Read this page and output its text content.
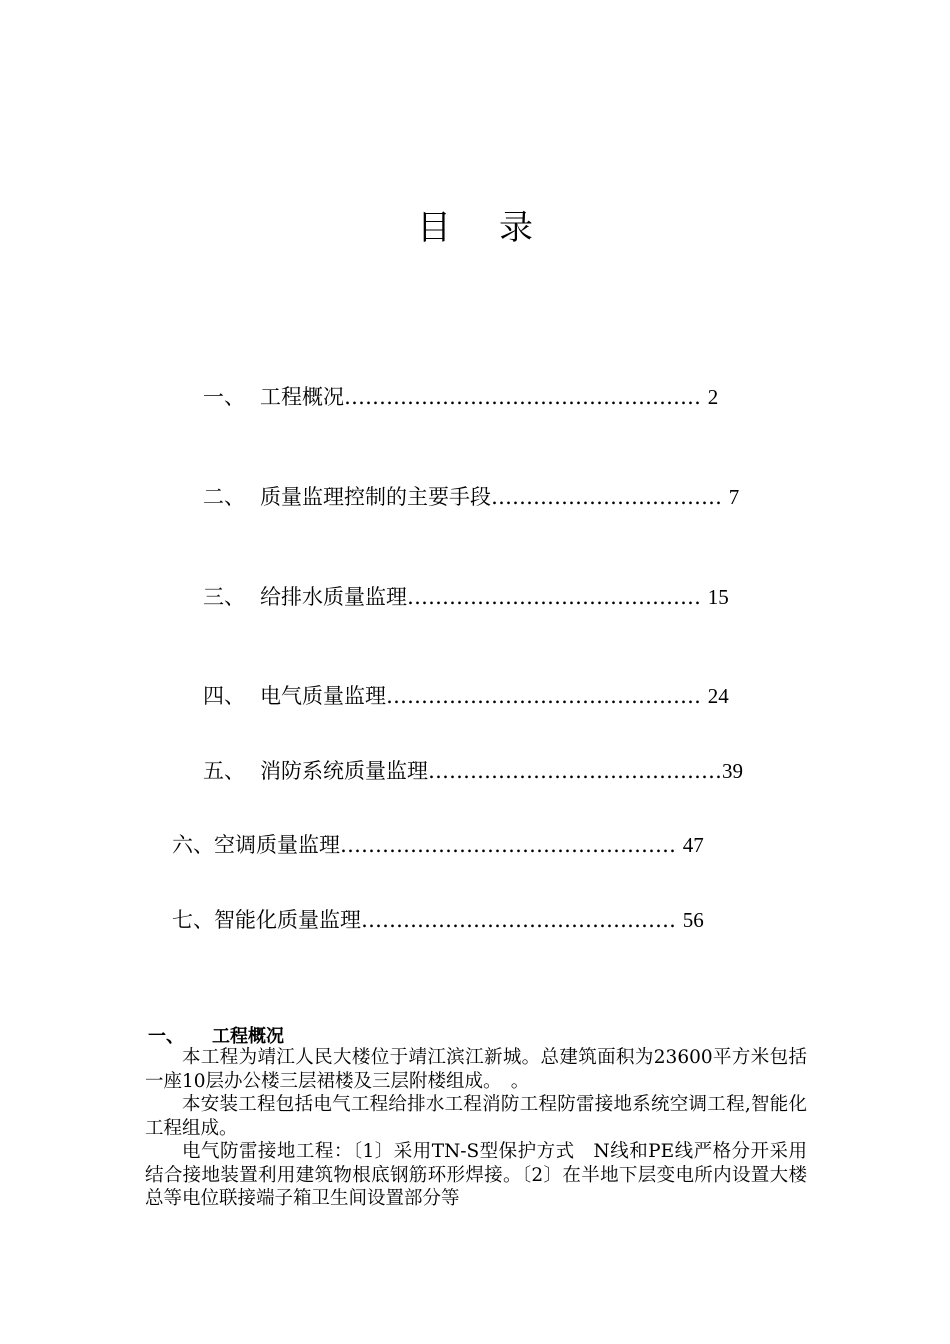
目 录
一、 工程概况…………………………………………… 2
二、 质量监理控制的主要手段…………………………… 7
三、 给排水质量监理…………………………………… 15
四、 电气质量监理……………………………………… 24
五、 消防系统质量监理……………………………………39
六、空调质量监理………………………………………… 47
七、智能化质量监理……………………………………… 56
一、 工程概况

本工程为靖江人民大楼位于靖江滨江新城。总建筑面积为23600平方米包括一座10层办公楼三层裙楼及三层附楼组成。　。

本安装工程包括电气工程给排水工程消防工程防雷接地系统空调工程,智能化工程组成。

电气防雷接地工程：〔1〕采用TN-S型保护方式　N线和PE线严格分开采用结合接地装置利用建筑物根底钢筋环形焊接。〔2〕在半地下层变电所内设置大楼总等电位联接端子箱卫生间设置部分等
